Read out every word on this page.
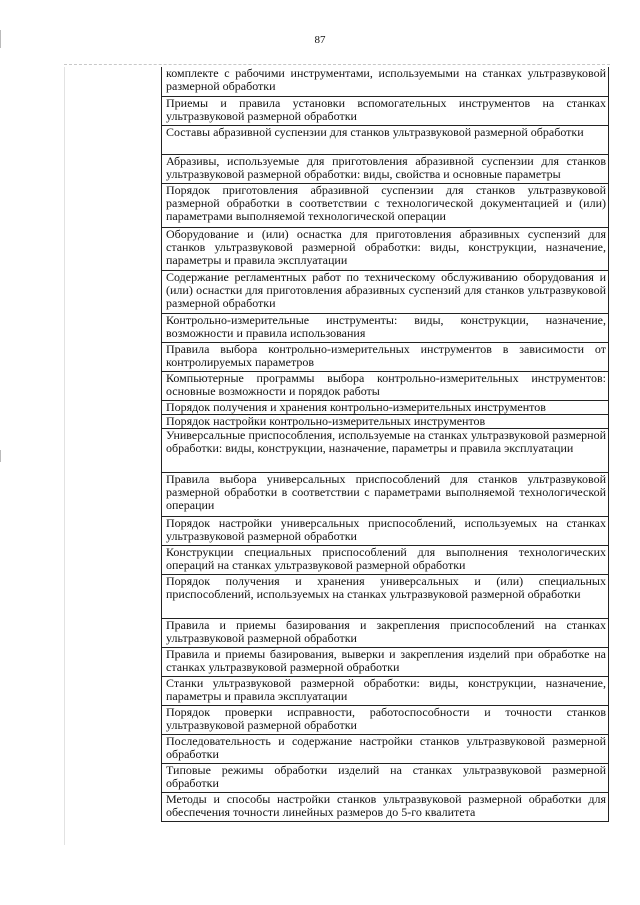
87
комплекте с рабочими инструментами, используемыми на станках ультразвуковой размерной обработки
Приемы и правила установки вспомогательных инструментов на станках ультразвуковой размерной обработки
Составы абразивной суспензии для станков ультразвуковой размерной обработки
Абразивы, используемые для приготовления абразивной суспензии для станков ультразвуковой размерной обработки: виды, свойства и основные параметры
Порядок приготовления абразивной суспензии для станков ультразвуковой размерной обработки в соответствии с технологической документацией и (или) параметрами выполняемой технологической операции
Оборудование и (или) оснастка для приготовления абразивных суспензий для станков ультразвуковой размерной обработки: виды, конструкции, назначение, параметры и правила эксплуатации
Содержание регламентных работ по техническому обслуживанию оборудования и (или) оснастки для приготовления абразивных суспензий для станков ультразвуковой размерной обработки
Контрольно-измерительные инструменты: виды, конструкции, назначение, возможности и правила использования
Правила выбора контрольно-измерительных инструментов в зависимости от контролируемых параметров
Компьютерные программы выбора контрольно-измерительных инструментов: основные возможности и порядок работы
Порядок получения и хранения контрольно-измерительных инструментов
Порядок настройки контрольно-измерительных инструментов
Универсальные приспособления, используемые на станках ультразвуковой размерной обработки: виды, конструкции, назначение, параметры и правила эксплуатации
Правила выбора универсальных приспособлений для станков ультразвуковой размерной обработки в соответствии с параметрами выполняемой технологической операции
Порядок настройки универсальных приспособлений, используемых на станках ультразвуковой размерной обработки
Конструкции специальных приспособлений для выполнения технологических операций на станках ультразвуковой размерной обработки
Порядок получения и хранения универсальных и (или) специальных приспособлений, используемых на станках ультразвуковой размерной обработки
Правила и приемы базирования и закрепления приспособлений на станках ультразвуковой размерной обработки
Правила и приемы базирования, выверки и закрепления изделий при обработке на станках ультразвуковой размерной обработки
Станки ультразвуковой размерной обработки: виды, конструкции, назначение, параметры и правила эксплуатации
Порядок проверки исправности, работоспособности и точности станков ультразвуковой размерной обработки
Последовательность и содержание настройки станков ультразвуковой размерной обработки
Типовые режимы обработки изделий на станках ультразвуковой размерной обработки
Методы и способы настройки станков ультразвуковой размерной обработки для обеспечения точности линейных размеров до 5-го квалитета
